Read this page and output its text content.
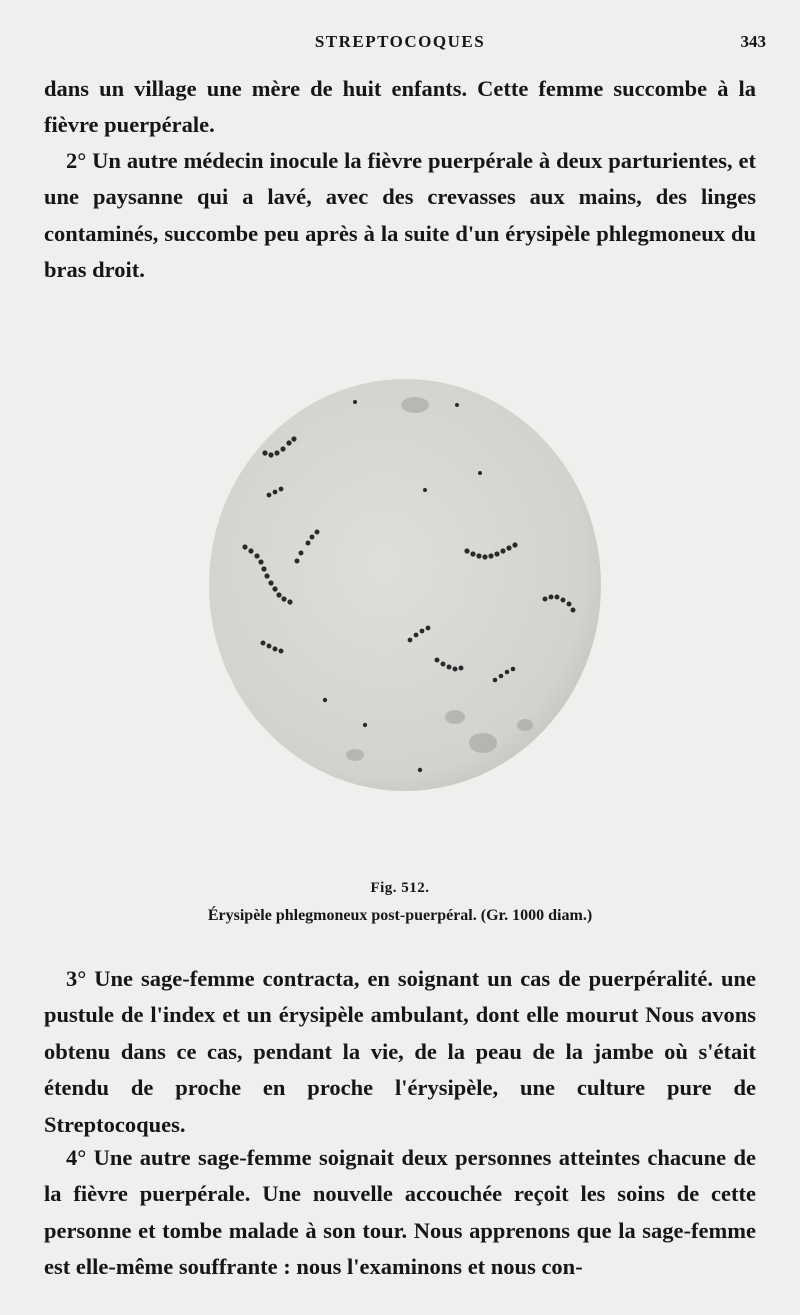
STREPTOCOQUES	343

dans un village une mère de huit enfants. Cette femme succombe à la fièvre puerpérale.

2° Un autre médecin inocule la fièvre puerpérale à deux parturientes, et une paysanne qui a lavé, avec des crevasses aux mains, des linges contaminés, succombe peu après à la suite d'un érysipèle phlegmoneux du bras droit.

Fig. 512.

Érysipèle phlegmoneux post-puerpéral. (Gr. 1000 diam.)

3° Une sage-femme contracta, en soignant un cas de puerpéralité. une pustule de l'index et un érysipèle ambulant, dont elle mourut Nous avons obtenu dans ce cas, pendant la vie, de la peau de la jambe où s'était étendu de proche en proche l'érysipèle, une culture pure de Streptocoques.

4° Une autre sage-femme soignait deux personnes atteintes chacune de la fièvre puerpérale. Une nouvelle accouchée reçoit les soins de cette personne et tombe malade à son tour. Nous apprenons que la sage-femme est elle-même souffrante : nous l'examinons et nous con-
